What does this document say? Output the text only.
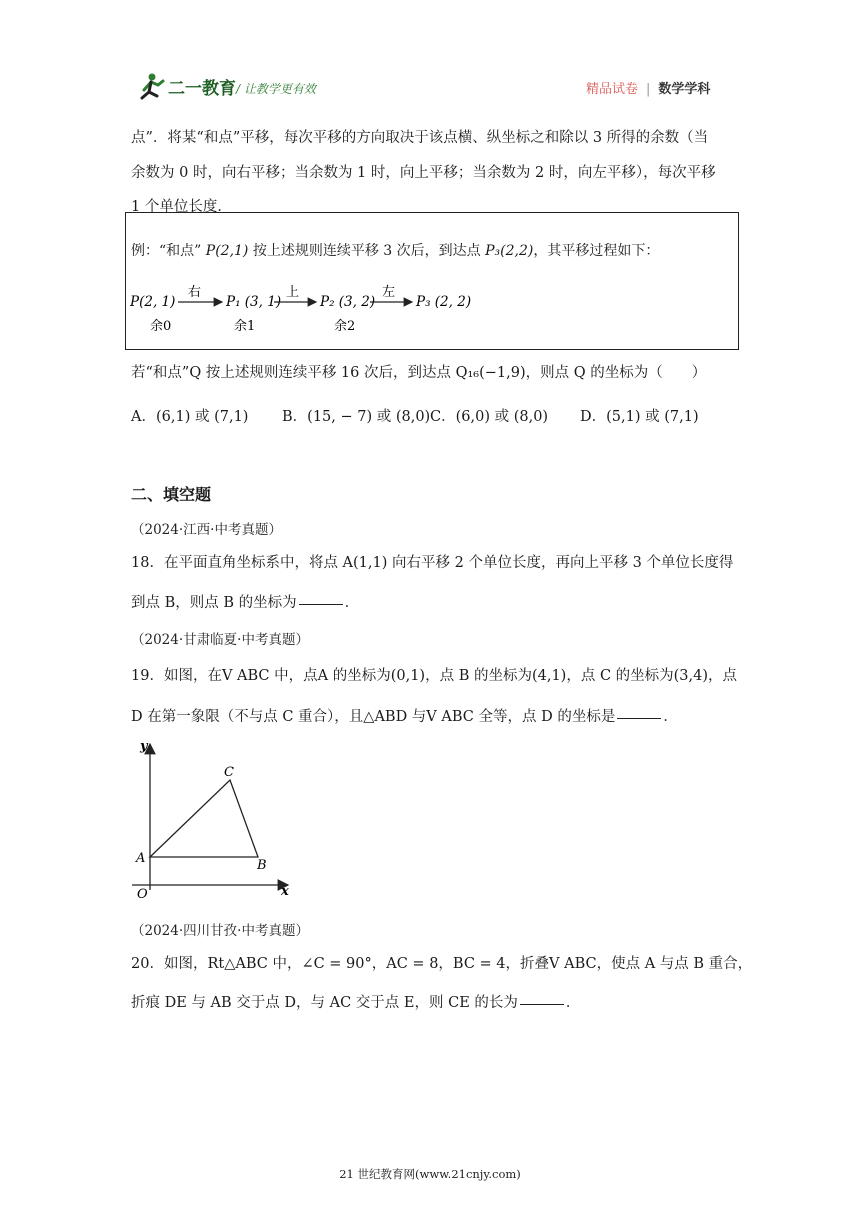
二一教育 / 让教学更有效	精品试卷 | 数学学科
点”．将某“和点”平移，每次平移的方向取决于该点横、纵坐标之和除以 3 所得的余数（当
余数为 0 时，向右平移；当余数为 1 时，向上平移；当余数为 2 时，向左平移），每次平移
1 个单位长度．
例：“和点” P(2,1) 按上述规则连续平移 3 次后，到达点 P₃(2,2)，其平移过程如下：
P(2, 1)
右
余0
P₁ (3, 1)
上
余1
P₂ (3, 2)
左
余2
P₃ (2, 2)
若“和点”Q 按上述规则连续平移 16 次后，到达点 Q₁₆(−1,9)，则点 Q 的坐标为（　　）
A．(6,1) 或 (7,1) B．(15, − 7) 或 (8,0) C．(6,0) 或 (8,0) D．(5,1) 或 (7,1)
二、填空题
（2024·江西·中考真题）
18．在平面直角坐标系中，将点 A(1,1) 向右平移 2 个单位长度，再向上平移 3 个单位长度得
到点 B，则点 B 的坐标为	．
（2024·甘肃临夏·中考真题）
19．如图，在V ABC 中，点A 的坐标为(0,1)，点 B 的坐标为(4,1)，点 C 的坐标为(3,4)，点
D 在第一象限（不与点 C 重合），且△ABD 与V ABC 全等，点 D 的坐标是	．
y
x
O
A	B
C
（2024·四川甘孜·中考真题）
20．如图，Rt△ABC 中，∠C = 90°，AC = 8，BC = 4，折叠V ABC，使点 A 与点 B 重合，
折痕 DE 与 AB 交于点 D，与 AC 交于点 E，则 CE 的长为	．
21 世纪教育网(www.21cnjy.com)
